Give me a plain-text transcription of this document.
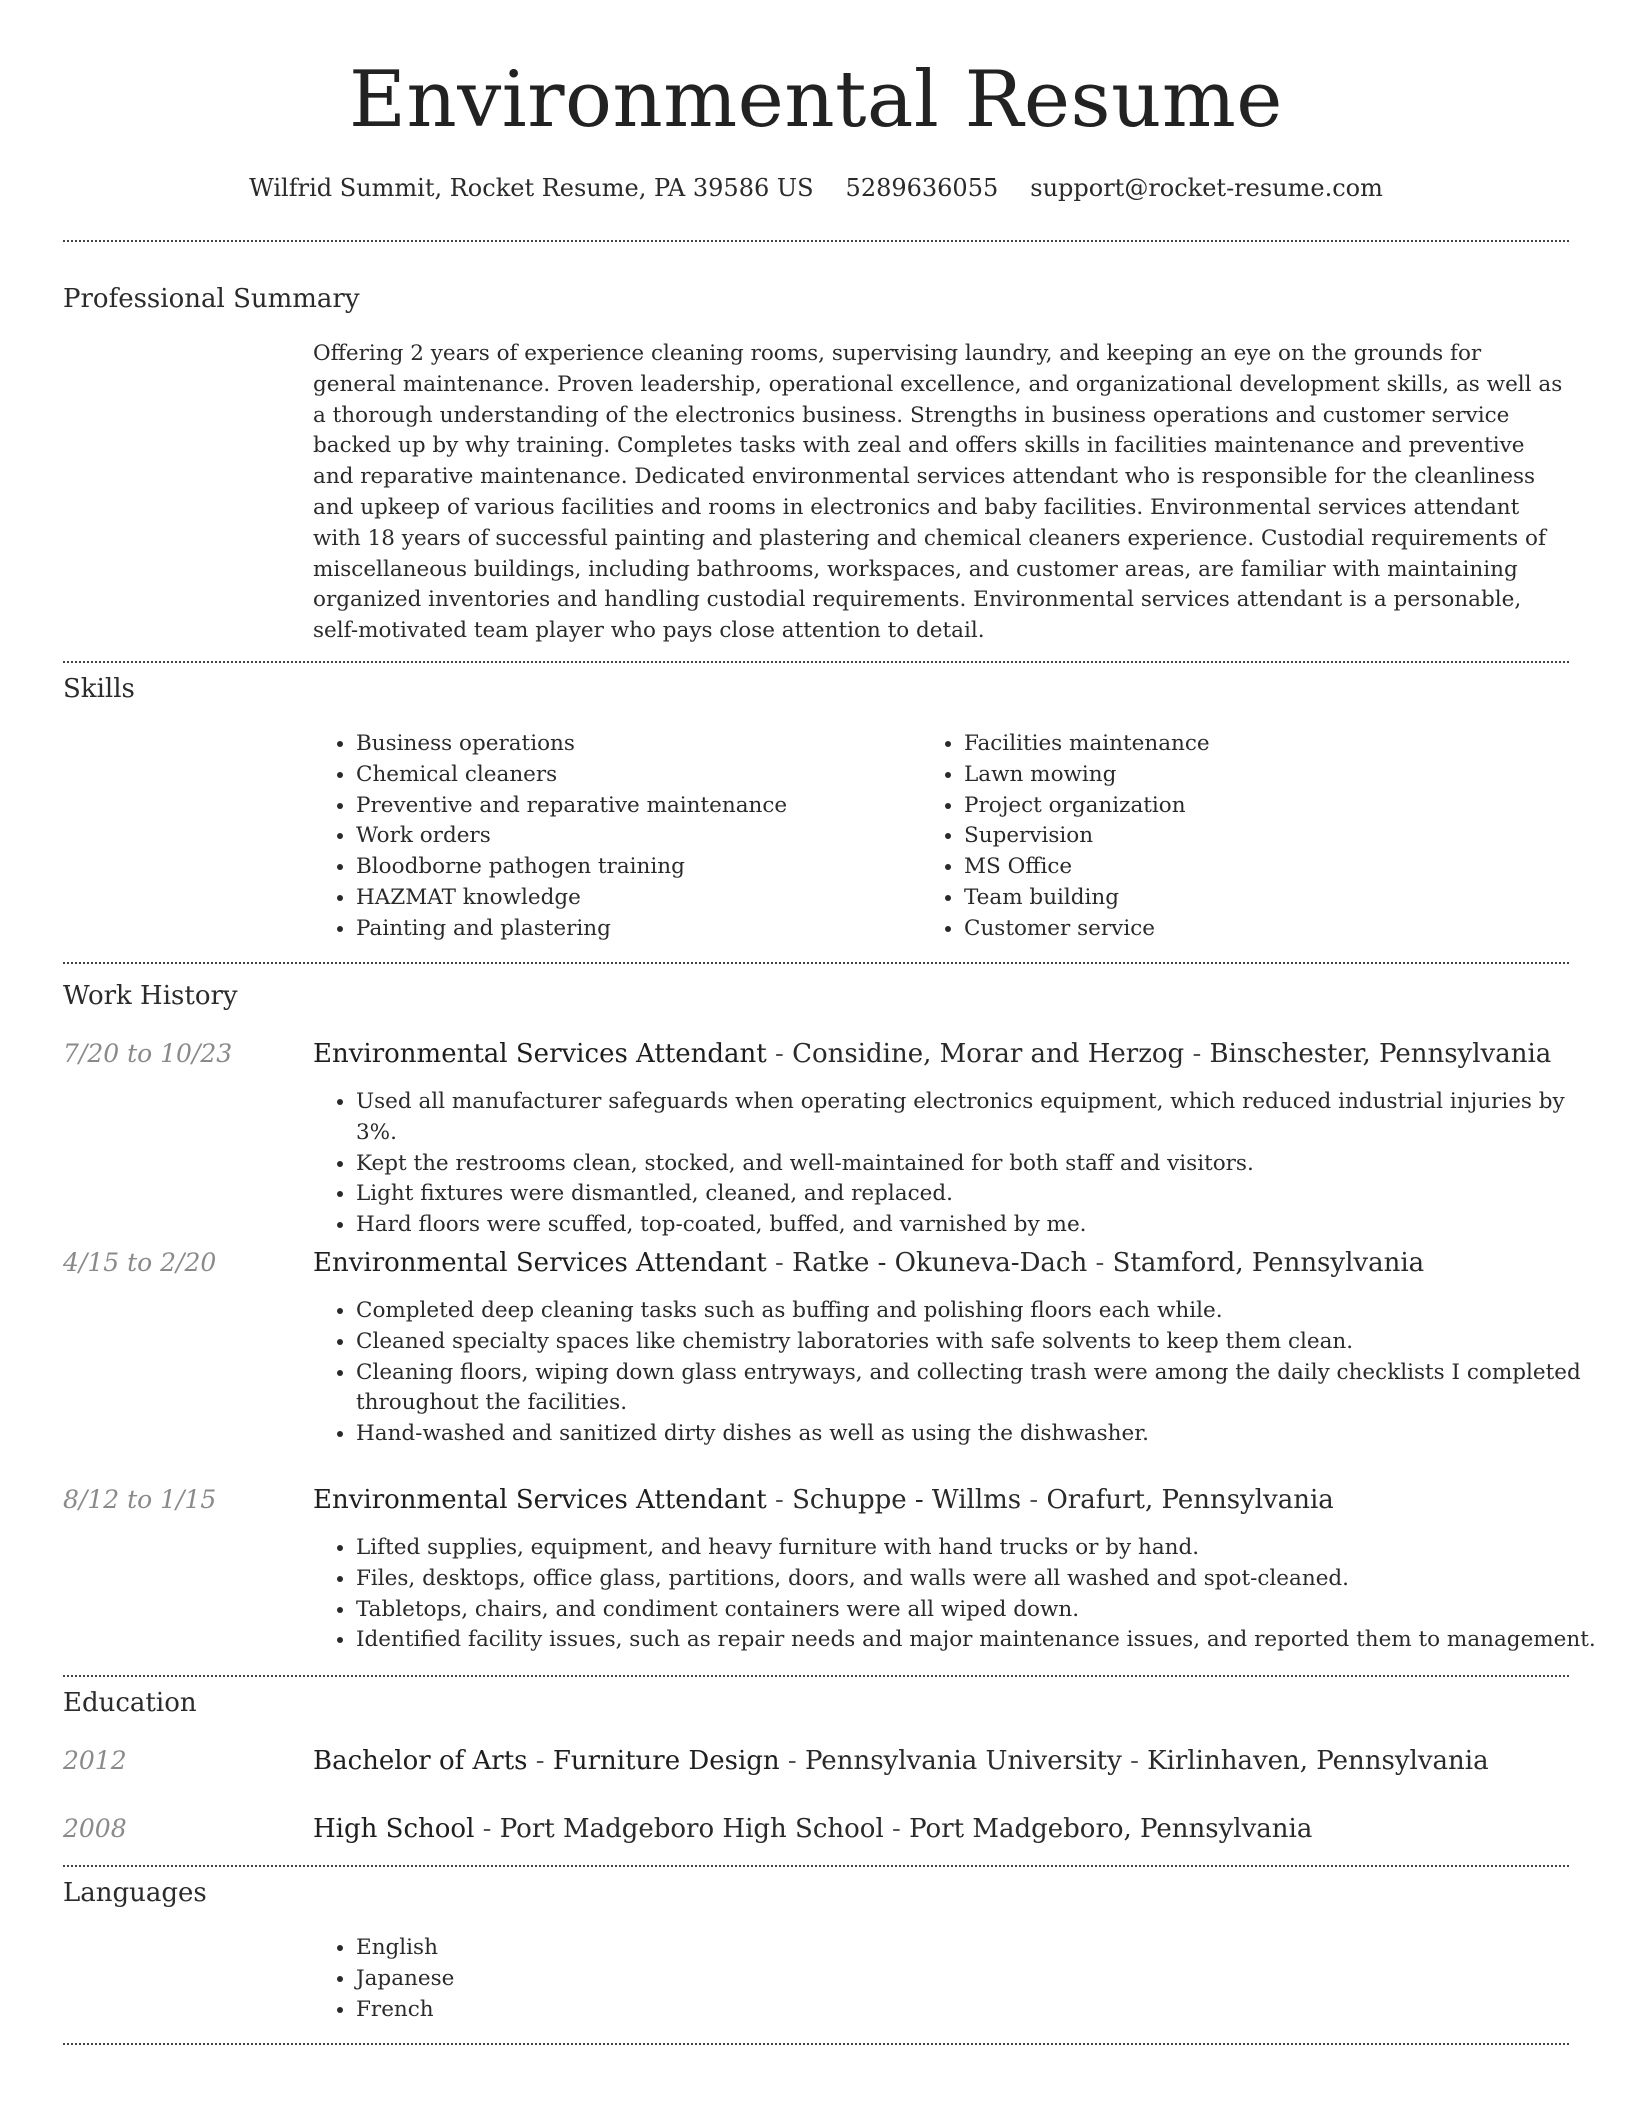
Environmental Resume
Wilfrid Summit, Rocket Resume, PA 39586 US 5289636055 support@rocket-resume.com
Professional Summary
Offering 2 years of experience cleaning rooms, supervising laundry, and keeping an eye on the grounds for general maintenance. Proven leadership, operational excellence, and organizational development skills, as well as a thorough understanding of the electronics business. Strengths in business operations and customer service backed up by why training. Completes tasks with zeal and offers skills in facilities maintenance and preventive and reparative maintenance. Dedicated environmental services attendant who is responsible for the cleanliness and upkeep of various facilities and rooms in electronics and baby facilities. Environmental services attendant with 18 years of successful painting and plastering and chemical cleaners experience. Custodial requirements of miscellaneous buildings, including bathrooms, workspaces, and customer areas, are familiar with maintaining organized inventories and handling custodial requirements. Environmental services attendant is a personable, self-motivated team player who pays close attention to detail.
Skills
• Business operations
• Chemical cleaners
• Preventive and reparative maintenance
• Work orders
• Bloodborne pathogen training
• HAZMAT knowledge
• Painting and plastering
• Facilities maintenance
• Lawn mowing
• Project organization
• Supervision
• MS Office
• Team building
• Customer service
Work History
7/20 to 10/23	Environmental Services Attendant - Considine, Morar and Herzog - Binschester, Pennsylvania
• Used all manufacturer safeguards when operating electronics equipment, which reduced industrial injuries by 3%.
• Kept the restrooms clean, stocked, and well-maintained for both staff and visitors.
• Light fixtures were dismantled, cleaned, and replaced.
• Hard floors were scuffed, top-coated, buffed, and varnished by me.
4/15 to 2/20	Environmental Services Attendant - Ratke - Okuneva-Dach - Stamford, Pennsylvania
• Completed deep cleaning tasks such as buffing and polishing floors each while.
• Cleaned specialty spaces like chemistry laboratories with safe solvents to keep them clean.
• Cleaning floors, wiping down glass entryways, and collecting trash were among the daily checklists I completed throughout the facilities.
• Hand-washed and sanitized dirty dishes as well as using the dishwasher.
8/12 to 1/15	Environmental Services Attendant - Schuppe - Willms - Orafurt, Pennsylvania
• Lifted supplies, equipment, and heavy furniture with hand trucks or by hand.
• Files, desktops, office glass, partitions, doors, and walls were all washed and spot-cleaned.
• Tabletops, chairs, and condiment containers were all wiped down.
• Identified facility issues, such as repair needs and major maintenance issues, and reported them to management.
Education
2012	Bachelor of Arts - Furniture Design - Pennsylvania University - Kirlinhaven, Pennsylvania
2008	High School - Port Madgeboro High School - Port Madgeboro, Pennsylvania
Languages
• English
• Japanese
• French
